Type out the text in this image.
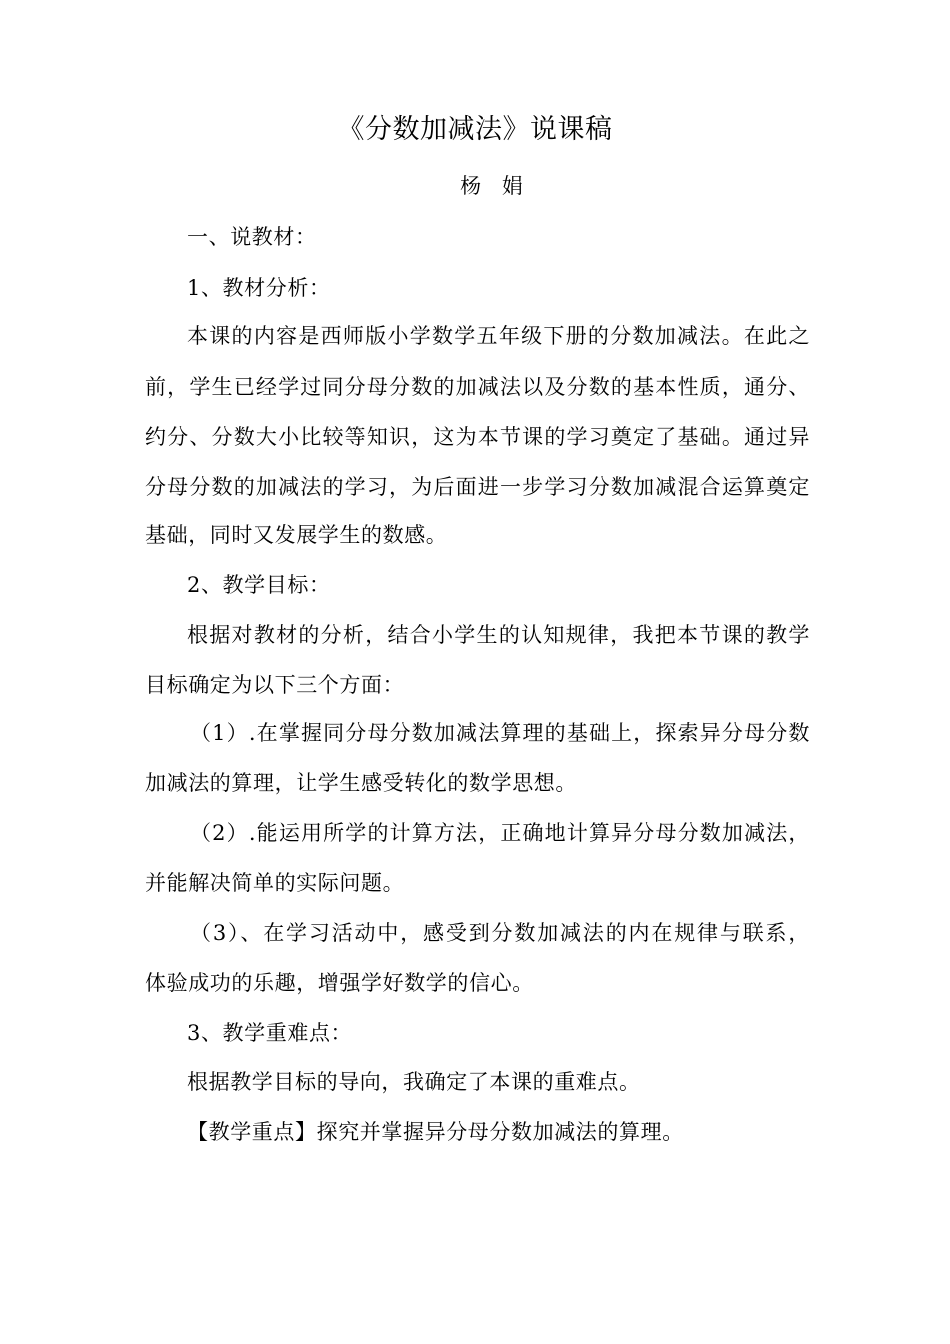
《分数加减法》说课稿
杨 娟
一、说教材：
1、教材分析：
本课的内容是西师版小学数学五年级下册的分数加减法。在此之
前，学生已经学过同分母分数的加减法以及分数的基本性质，通分、
约分、分数大小比较等知识，这为本节课的学习奠定了基础。通过异
分母分数的加减法的学习，为后面进一步学习分数加减混合运算奠定
基础，同时又发展学生的数感。
2、教学目标：
根据对教材的分析，结合小学生的认知规律，我把本节课的教学
目标确定为以下三个方面：
（1）.在掌握同分母分数加减法算理的基础上，探索异分母分数
加减法的算理，让学生感受转化的数学思想。
（2）.能运用所学的计算方法，正确地计算异分母分数加减法，
并能解决简单的实际问题。
（3）、在学习活动中，感受到分数加减法的内在规律与联系，
体验成功的乐趣，增强学好数学的信心。
3、教学重难点：
根据教学目标的导向，我确定了本课的重难点。
【教学重点】探究并掌握异分母分数加减法的算理。
